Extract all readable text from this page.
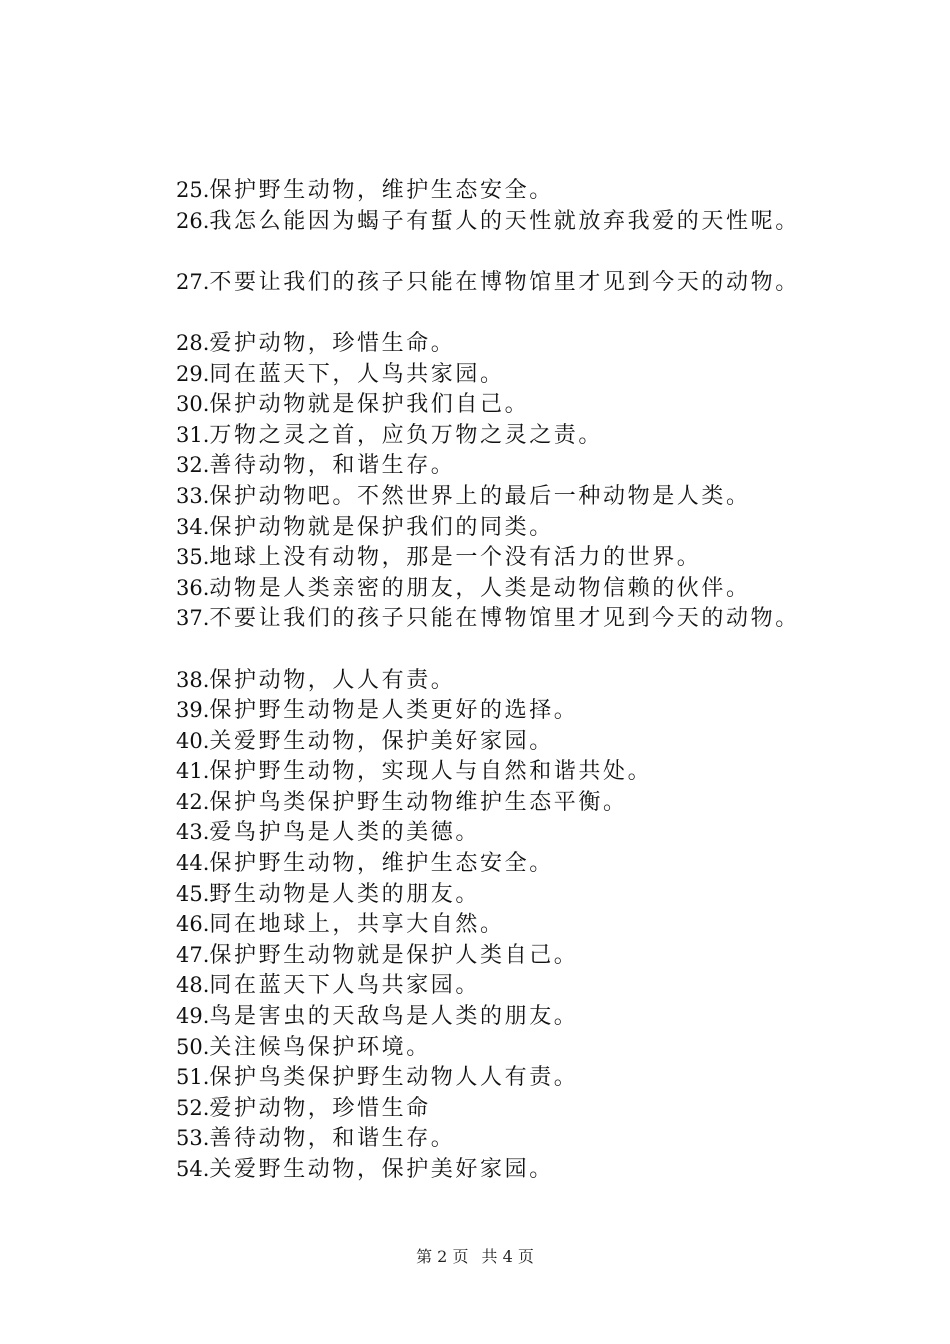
25. 保护野生动物，维护生态安全。
26. 我怎么能因为蝎子有蜇人的天性就放弃我爱的天性呢。
27. 不要让我们的孩子只能在博物馆里才见到今天的动物。
28. 爱护动物，珍惜生命。
29. 同在蓝天下，人鸟共家园。
30. 保护动物就是保护我们自己。
31. 万物之灵之首，应负万物之灵之责。
32. 善待动物，和谐生存。
33. 保护动物吧。不然世界上的最后一种动物是人类。
34. 保护动物就是保护我们的同类。
35. 地球上没有动物，那是一个没有活力的世界。
36. 动物是人类亲密的朋友，人类是动物信赖的伙伴。
37. 不要让我们的孩子只能在博物馆里才见到今天的动物。
38. 保护动物，人人有责。
39. 保护野生动物是人类更好的选择。
40. 关爱野生动物，保护美好家园。
41. 保护野生动物，实现人与自然和谐共处。
42. 保护鸟类保护野生动物维护生态平衡。
43. 爱鸟护鸟是人类的美德。
44. 保护野生动物，维护生态安全。
45. 野生动物是人类的朋友。
46. 同在地球上，共享大自然。
47. 保护野生动物就是保护人类自己。
48. 同在蓝天下人鸟共家园。
49. 鸟是害虫的天敌鸟是人类的朋友。
50. 关注候鸟保护环境。
51. 保护鸟类保护野生动物人人有责。
52. 爱护动物，珍惜生命
53. 善待动物，和谐生存。
54. 关爱野生动物，保护美好家园。
第 2 页 共 4 页
